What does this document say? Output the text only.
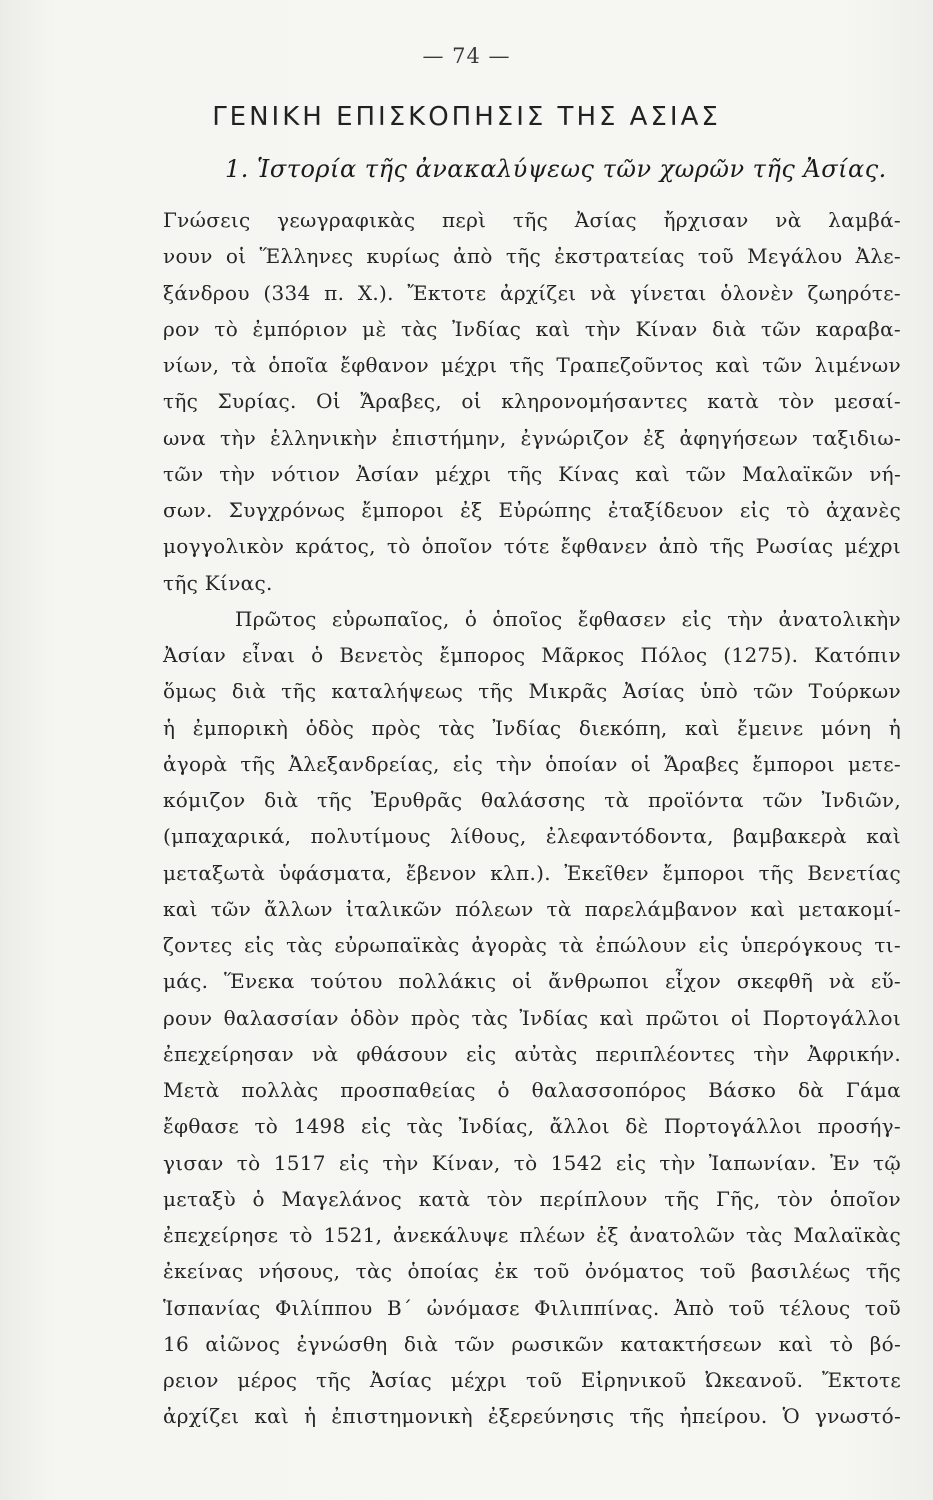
— 74 —
ΓΕΝΙΚΗ ΕΠΙΣΚΟΠΗΣΙΣ ΤΗΣ ΑΣΙΑΣ
1. Ἱστορία τῆς ἀνακαλύψεως τῶν χωρῶν τῆς Ἀσίας.
Γνώσεις γεωγραφικὰς περὶ τῆς Ἀσίας ἤρχισαν νὰ λαμβά-
νουν οἱ Ἕλληνες κυρίως ἀπὸ τῆς ἐκστρατείας τοῦ Μεγάλου Ἀλε-
ξάνδρου (334 π. Χ.). Ἔκτοτε ἀρχίζει νὰ γίνεται ὁλονὲν ζωηρότε-
ρον τὸ ἐμπόριον μὲ τὰς Ἰνδίας καὶ τὴν Κίναν διὰ τῶν καραβα-
νίων, τὰ ὁποῖα ἔφθανον μέχρι τῆς Τραπεζοῦντος καὶ τῶν λιμένων
τῆς Συρίας. Οἱ Ἄραβες, οἱ κληρονομήσαντες κατὰ τὸν μεσαί-
ωνα τὴν ἑλληνικὴν ἐπιστήμην, ἐγνώριζον ἐξ ἀφηγήσεων ταξιδιω-
τῶν τὴν νότιον Ἀσίαν μέχρι τῆς Κίνας καὶ τῶν Μαλαϊκῶν νή-
σων. Συγχρόνως ἔμποροι ἐξ Εὐρώπης ἐταξίδευον εἰς τὸ ἀχανὲς
μογγολικὸν κράτος, τὸ ὁποῖον τότε ἔφθανεν ἀπὸ τῆς Ρωσίας μέχρι
τῆς Κίνας.
Πρῶτος εὐρωπαῖος, ὁ ὁποῖος ἔφθασεν εἰς τὴν ἀνατολικὴν
Ἀσίαν εἶναι ὁ Βενετὸς ἔμπορος Μᾶρκος Πόλος (1275). Κατόπιν
ὅμως διὰ τῆς καταλήψεως τῆς Μικρᾶς Ἀσίας ὑπὸ τῶν Τούρκων
ἡ ἐμπορικὴ ὁδὸς πρὸς τὰς Ἰνδίας διεκόπη, καὶ ἔμεινε μόνη ἡ
ἀγορὰ τῆς Ἀλεξανδρείας, εἰς τὴν ὁποίαν οἱ Ἄραβες ἔμποροι μετε-
κόμιζον διὰ τῆς Ἐρυθρᾶς θαλάσσης τὰ προϊόντα τῶν Ἰνδιῶν,
(μπαχαρικά, πολυτίμους λίθους, ἐλεφαντόδοντα, βαμβακερὰ καὶ
μεταξωτὰ ὑφάσματα, ἔβενον κλπ.). Ἐκεῖθεν ἔμποροι τῆς Βενετίας
καὶ τῶν ἄλλων ἰταλικῶν πόλεων τὰ παρελάμβανον καὶ μετακομί-
ζοντες εἰς τὰς εὐρωπαϊκὰς ἀγορὰς τὰ ἐπώλουν εἰς ὑπερόγκους τι-
μάς. Ἕνεκα τούτου πολλάκις οἱ ἄνθρωποι εἶχον σκεφθῆ νὰ εὕ-
ρουν θαλασσίαν ὁδὸν πρὸς τὰς Ἰνδίας καὶ πρῶτοι οἱ Πορτογάλλοι
ἐπεχείρησαν νὰ φθάσουν εἰς αὐτὰς περιπλέοντες τὴν Ἀφρικήν.
Μετὰ πολλὰς προσπαθείας ὁ θαλασσοπόρος Βάσκο δὰ Γάμα
ἔφθασε τὸ 1498 εἰς τὰς Ἰνδίας, ἄλλοι δὲ Πορτογάλλοι προσήγ-
γισαν τὸ 1517 εἰς τὴν Κίναν, τὸ 1542 εἰς τὴν Ἰαπωνίαν. Ἐν τῷ
μεταξὺ ὁ Μαγελάνος κατὰ τὸν περίπλουν τῆς Γῆς, τὸν ὁποῖον
ἐπεχείρησε τὸ 1521, ἀνεκάλυψε πλέων ἐξ ἀνατολῶν τὰς Μαλαϊκὰς
ἐκείνας νήσους, τὰς ὁποίας ἐκ τοῦ ὀνόματος τοῦ βασιλέως τῆς
Ἱσπανίας Φιλίππου Β΄ ὠνόμασε Φιλιππίνας. Ἀπὸ τοῦ τέλους τοῦ
16 αἰῶνος ἐγνώσθη διὰ τῶν ρωσικῶν κατακτήσεων καὶ τὸ βό-
ρειον μέρος τῆς Ἀσίας μέχρι τοῦ Εἰρηνικοῦ Ὠκεανοῦ. Ἔκτοτε
ἀρχίζει καὶ ἡ ἐπιστημονικὴ ἐξερεύνησις τῆς ἠπείρου. Ὁ γνωστό-
